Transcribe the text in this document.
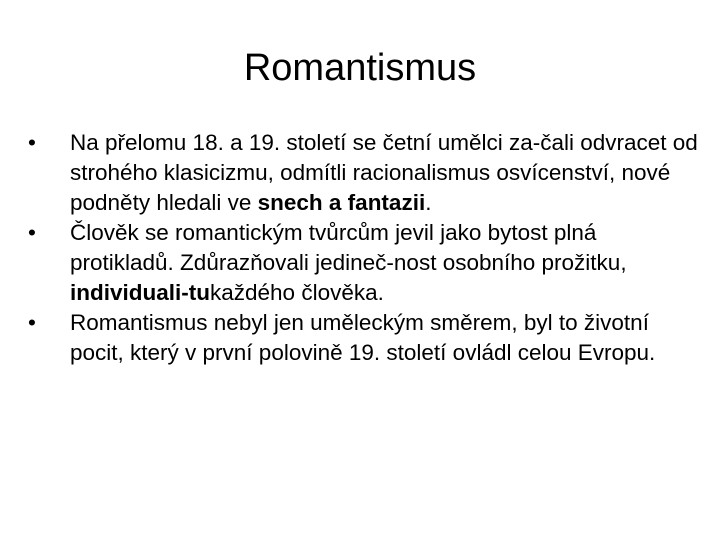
Romantismus
•	Na přelomu 18. a 19. století se četní umělci za-čali odvracet od strohého klasicizmu, odmítli racionalismus osvícenství, nové podněty hledali ve snech a fantazii.
•	Člověk se romantickým tvůrcům jevil jako bytost plná protikladů. Zdůrazňovali jedineč-nost osobního prožitku, individuali-tukaždého člověka.
•	Romantismus nebyl jen uměleckým směrem, byl to životní pocit, který v první polovině 19. století ovládl celou Evropu.
